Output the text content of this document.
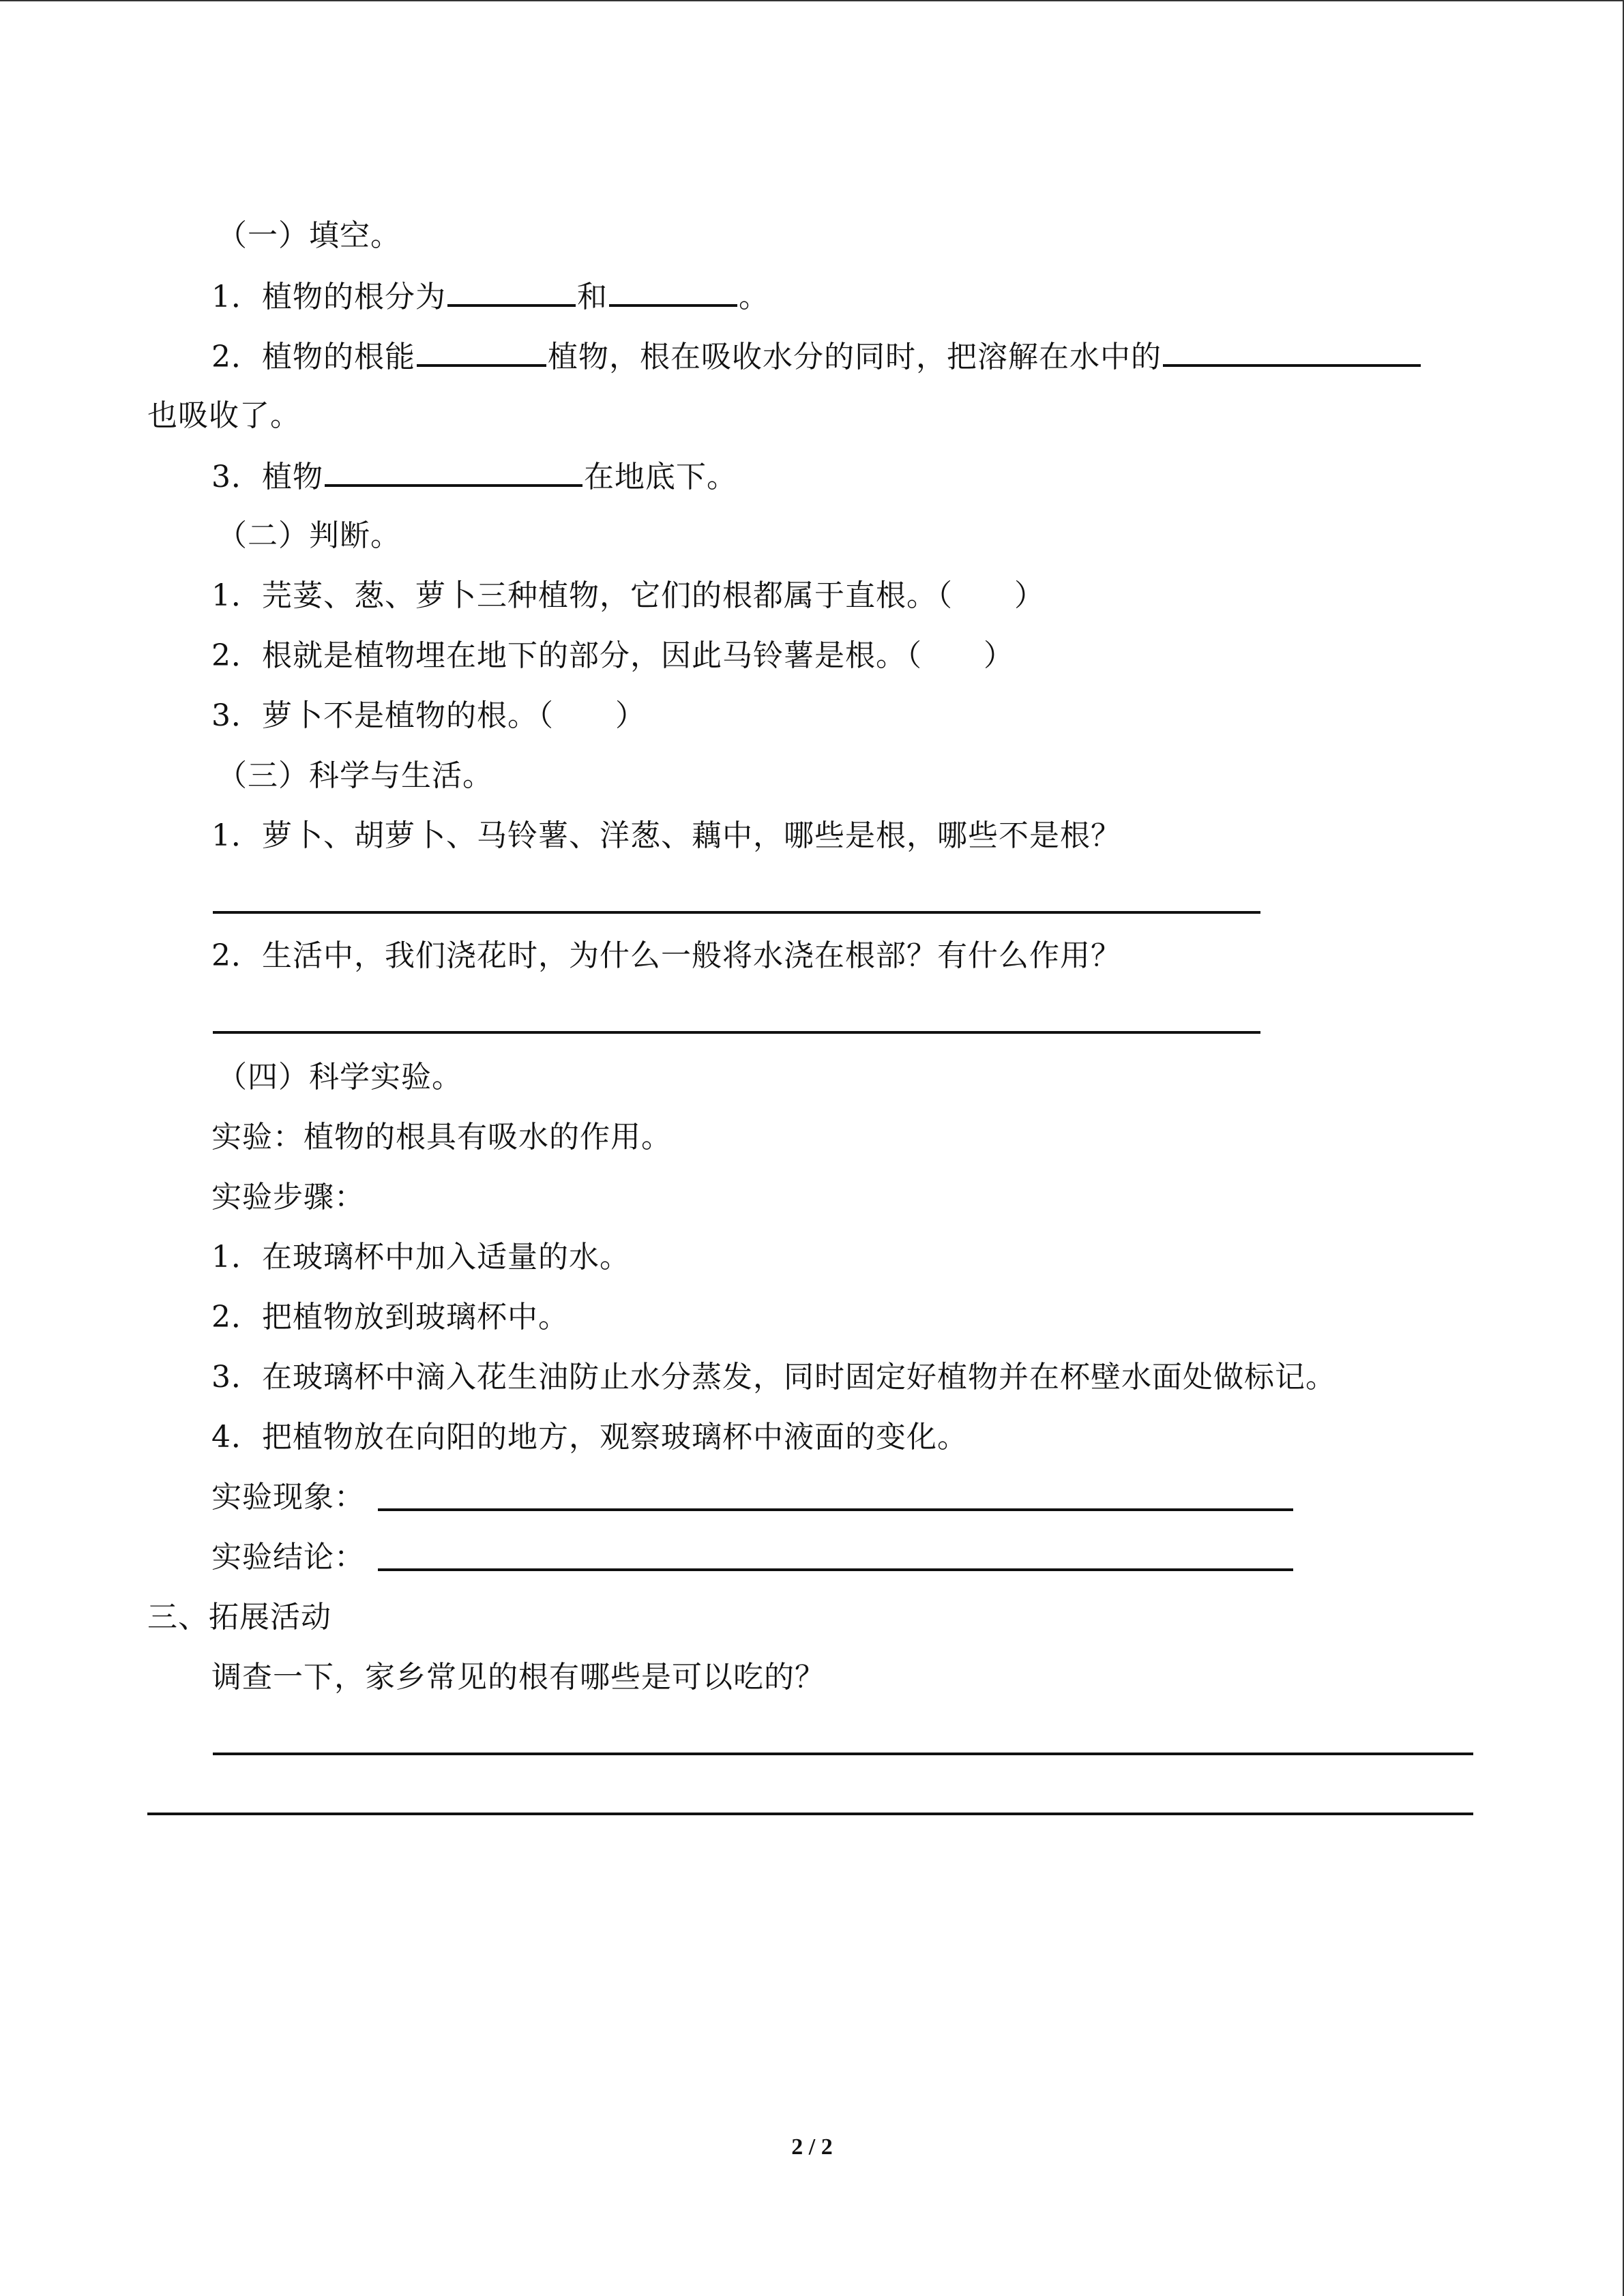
（一）填空。
1．植物的根分为	和	。
2．植物的根能	植物，根在吸收水分的同时，把溶解在水中的
也吸收了。
3．植物	在地底下。
（二）判断。
1．芫荽、葱、萝卜三种植物，它们的根都属于直根。（　　）
2．根就是植物埋在地下的部分，因此马铃薯是根。（　　）
3．萝卜不是植物的根。（　　）
（三）科学与生活。
1．萝卜、胡萝卜、马铃薯、洋葱、藕中，哪些是根，哪些不是根？
2．生活中，我们浇花时，为什么一般将水浇在根部？有什么作用？
（四）科学实验。
实验：植物的根具有吸水的作用。
实验步骤：
1．在玻璃杯中加入适量的水。
2．把植物放到玻璃杯中。
3．在玻璃杯中滴入花生油防止水分蒸发，同时固定好植物并在杯壁水面处做标记。
4．把植物放在向阳的地方，观察玻璃杯中液面的变化。
实验现象：
实验结论：
三、拓展活动
调查一下，家乡常见的根有哪些是可以吃的？
2 / 2
